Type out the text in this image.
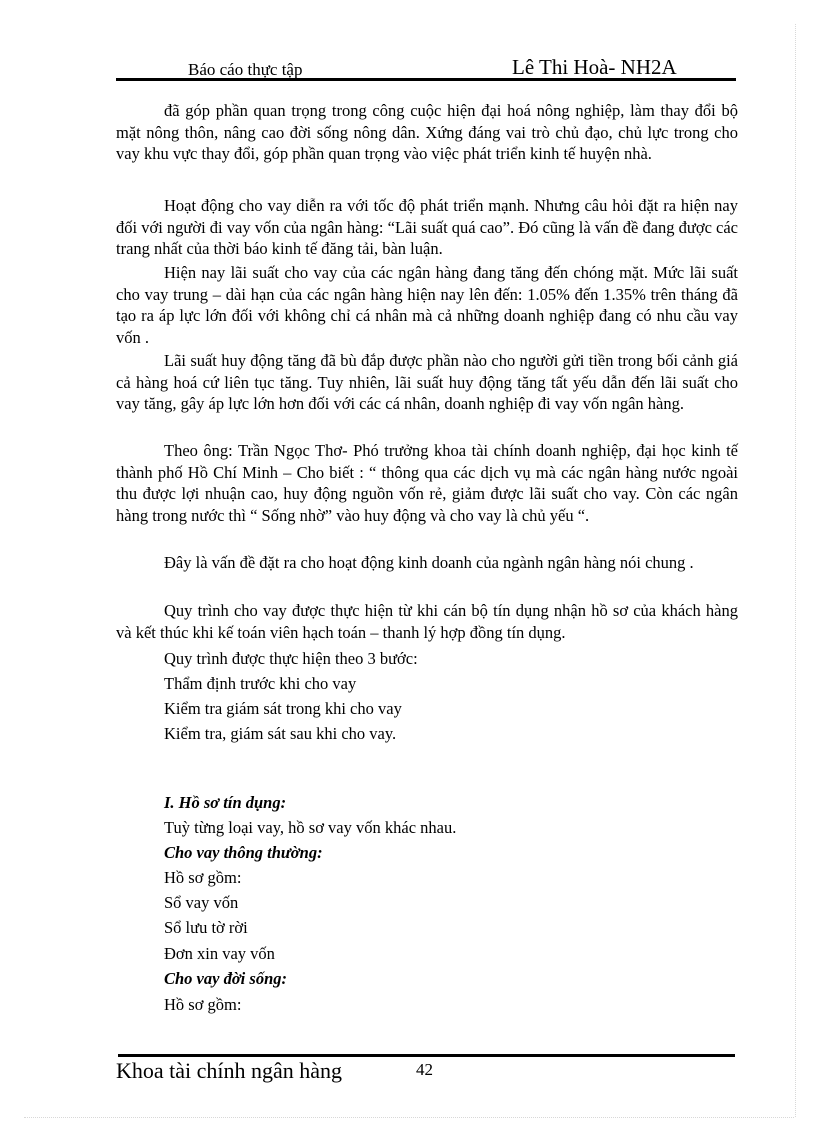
Báo cáo thực tập	Lê Thi Hoà- NH2A

đã góp phần quan trọng trong công cuộc hiện đại hoá nông nghiệp, làm thay đổi bộ mặt nông thôn, nâng cao đời sống nông dân. Xứng đáng vai trò chủ đạo, chủ lực trong cho vay khu vực thay đổi, góp phần quan trọng vào việc phát triển kinh tế huyện nhà.

Hoạt động cho vay diễn ra với tốc độ phát triển mạnh. Nhưng câu hỏi đặt ra hiện nay đối với người đi vay vốn của ngân hàng: “Lãi suất quá cao”. Đó cũng là vấn đề đang được các trang nhất của thời báo kinh tế đăng tải, bàn luận.

Hiện nay lãi suất cho vay của các ngân hàng đang tăng đến chóng mặt. Mức lãi suất cho vay trung – dài hạn của các ngân hàng hiện nay lên đến: 1.05% đến 1.35% trên tháng đã tạo ra áp lực lớn đối với không chỉ cá nhân mà cả những doanh nghiệp đang có nhu cầu vay vốn .

Lãi suất huy động tăng đã bù đắp được phần nào cho người gửi tiền trong bối cảnh giá cả hàng hoá cứ liên tục tăng. Tuy nhiên, lãi suất huy động tăng tất yếu dẫn đến lãi suất cho vay tăng, gây áp lực lớn hơn đối với các cá nhân, doanh nghiệp đi vay vốn ngân hàng.

Theo ông: Trần Ngọc Thơ- Phó trưởng khoa tài chính doanh nghiệp, đại học kinh tế thành phố Hồ Chí Minh – Cho biết : “ thông qua các dịch vụ mà các ngân hàng nước ngoài thu được lợi nhuận cao, huy động nguồn vốn rẻ, giảm được lãi suất cho vay. Còn các ngân hàng trong nước thì “ Sống nhờ” vào huy động và cho vay là chủ yếu “.

Đây là vấn đề đặt ra cho hoạt động kinh doanh của ngành ngân hàng nói chung .

Quy trình cho vay được thực hiện từ khi cán bộ tín dụng nhận hồ sơ của khách hàng và kết thúc khi kế toán viên hạch toán – thanh lý hợp đồng tín dụng.

Quy trình được thực hiện theo 3 bước:
Thẩm định trước khi cho vay
Kiểm tra giám sát trong khi cho vay
Kiểm tra, giám sát sau khi cho vay.
I. Hồ sơ tín dụng:
Tuỳ từng loại vay, hồ sơ vay vốn khác nhau.
Cho vay thông thường:
Hồ sơ gồm:
Sổ vay vốn
Sổ lưu tờ rời
Đơn xin vay vốn
Cho vay đời sống:
Hồ sơ gồm:
Khoa tài chính ngân hàng	42
